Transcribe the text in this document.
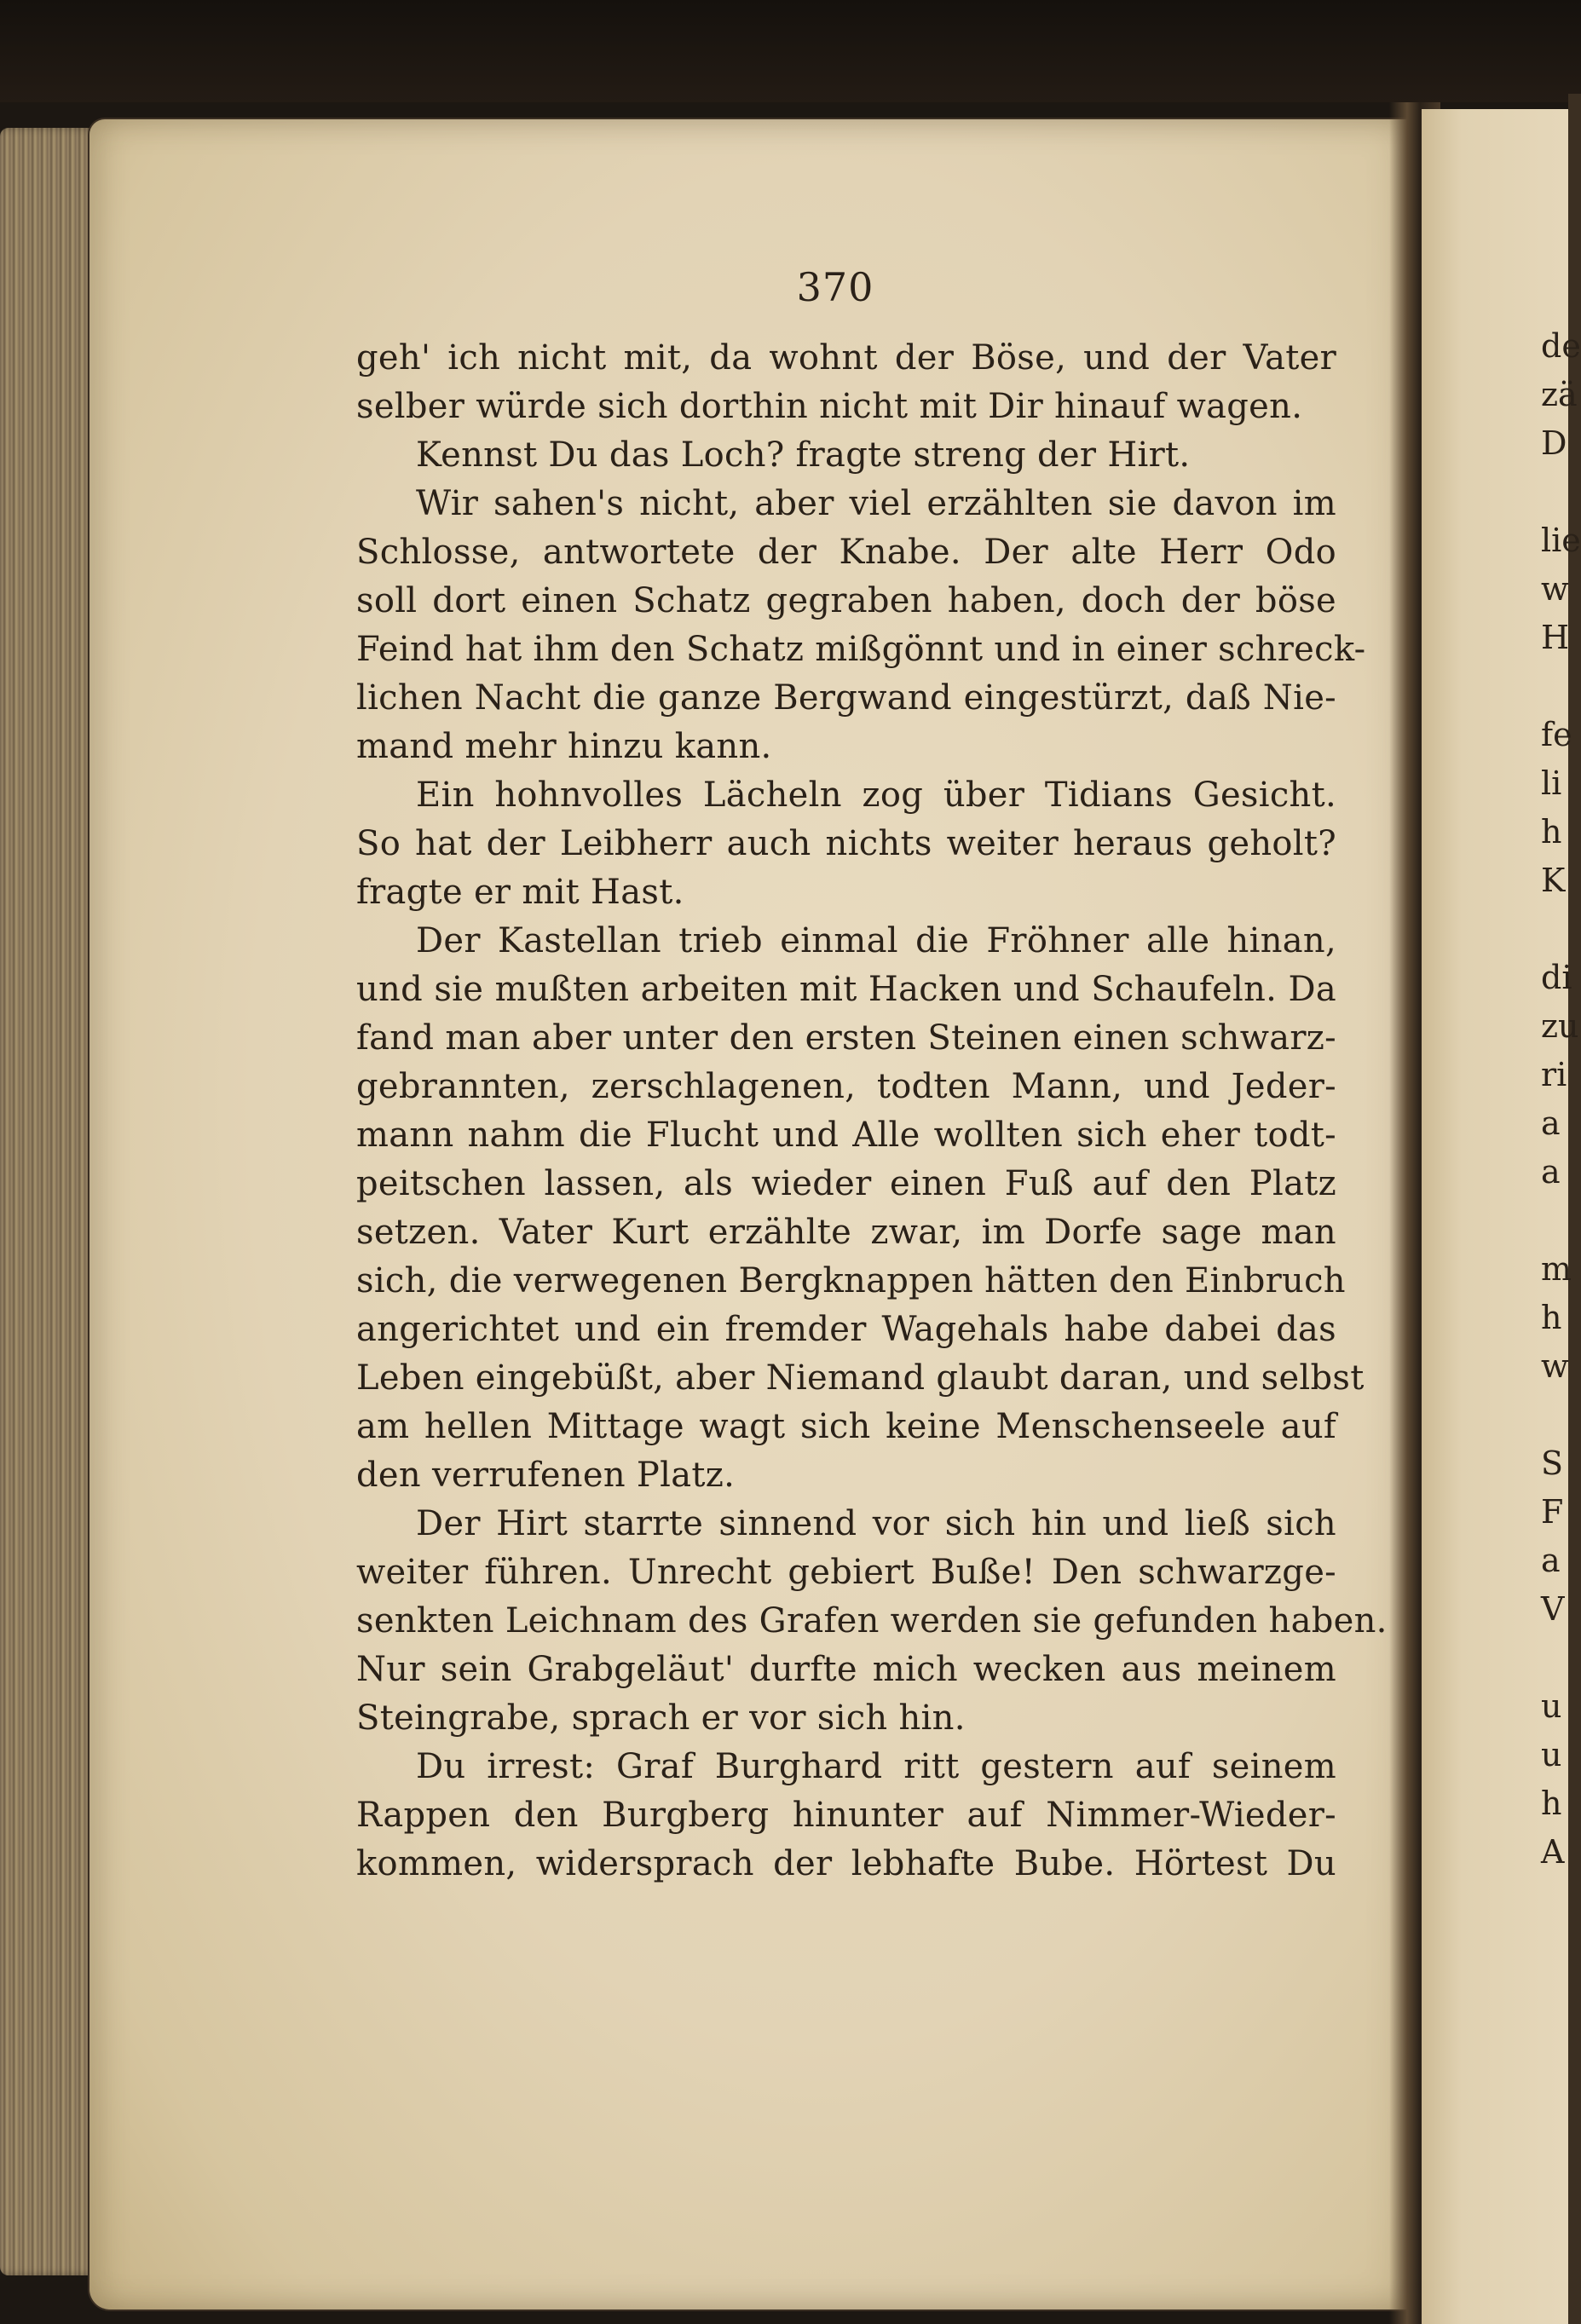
370
geh' ich nicht mit, da wohnt der Böse, und der Vater
selber würde sich dorthin nicht mit Dir hinauf wagen.
Kennst Du das Loch? fragte streng der Hirt.
Wir sahen's nicht, aber viel erzählten sie davon im
Schlosse, antwortete der Knabe. Der alte Herr Odo
soll dort einen Schatz gegraben haben, doch der böse
Feind hat ihm den Schatz mißgönnt und in einer schreck-
lichen Nacht die ganze Bergwand eingestürzt, daß Nie-
mand mehr hinzu kann.
Ein hohnvolles Lächeln zog über Tidians Gesicht.
So hat der Leibherr auch nichts weiter heraus geholt?
fragte er mit Hast.
Der Kastellan trieb einmal die Fröhner alle hinan,
und sie mußten arbeiten mit Hacken und Schaufeln. Da
fand man aber unter den ersten Steinen einen schwarz-
gebrannten, zerschlagenen, todten Mann, und Jeder-
mann nahm die Flucht und Alle wollten sich eher todt-
peitschen lassen, als wieder einen Fuß auf den Platz
setzen. Vater Kurt erzählte zwar, im Dorfe sage man
sich, die verwegenen Bergknappen hätten den Einbruch
angerichtet und ein fremder Wagehals habe dabei das
Leben eingebüßt, aber Niemand glaubt daran, und selbst
am hellen Mittage wagt sich keine Menschenseele auf
den verrufenen Platz.
Der Hirt starrte sinnend vor sich hin und ließ sich
weiter führen. Unrecht gebiert Buße! Den schwarzge-
senkten Leichnam des Grafen werden sie gefunden haben.
Nur sein Grabgeläut' durfte mich wecken aus meinem
Steingrabe, sprach er vor sich hin.
Du irrest: Graf Burghard ritt gestern auf seinem
Rappen den Burgberg hinunter auf Nimmer-Wieder-
kommen, widersprach der lebhafte Bube. Hörtest Du
de
zä
D
lie
w
H
fe
li
h
K
di
zu
ri
a
a
m
h
w
S
F
a
V
u
u
h
A
